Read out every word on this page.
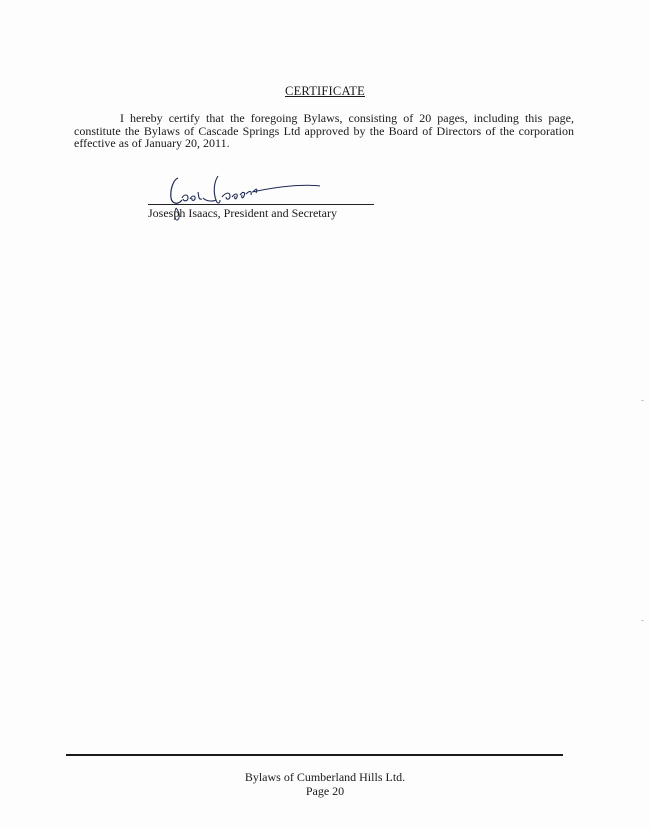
CERTIFICATE
I hereby certify that the foregoing Bylaws, consisting of 20 pages, including this page, constitute the Bylaws of Cascade Springs Ltd approved by the Board of Directors of the corporation effective as of January 20, 2011.
Josesph Isaacs, President and Secretary
Bylaws of Cumberland Hills Ltd.
Page 20
